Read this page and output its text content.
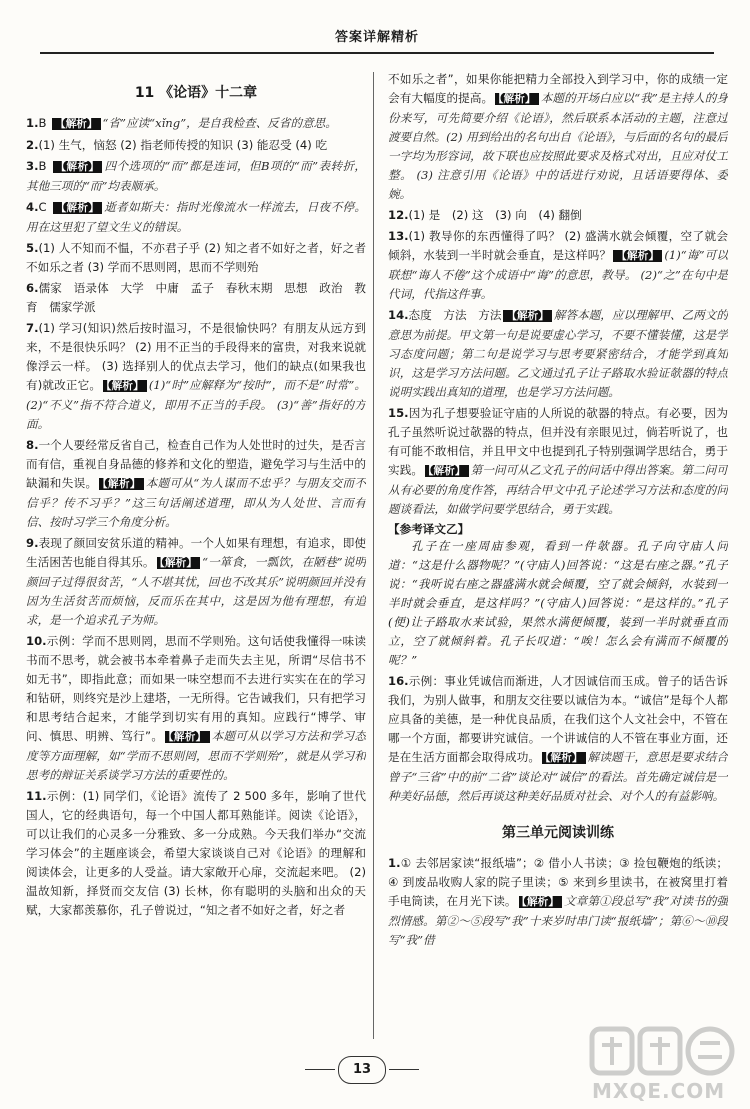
答案详解精析
11 《论语》十二章
1.B 【解析】 “省”应读“xǐng”，是自我检查、反省的意思。
2.(1) 生气，恼怒 (2) 指老师传授的知识 (3) 能忍受 (4) 吃
3.B 【解析】 四个选项的“而”都是连词，但B项的“而”表转折，其他三项的“而”均表顺承。
4.C 【解析】 逝者如斯夫：指时光像流水一样流去，日夜不停。用在这里犯了望文生义的错误。
5.(1) 人不知而不愠，不亦君子乎 (2) 知之者不如好之者，好之者不如乐之者 (3) 学而不思则罔，思而不学则殆
6.儒家　语录体　大学　中庸　孟子　春秋末期　思想　政治　教育　儒家学派
7.(1) 学习(知识)然后按时温习，不是很愉快吗？有朋友从远方到来，不是很快乐吗？ (2) 用不正当的手段得来的富贵，对我来说就像浮云一样。 (3) 选择别人的优点去学习，他们的缺点(如果我也有)就改正它。 【解析】 (1)“时”应解释为“按时”，而不是“时常”。 (2)“不义”指不符合道义，即用不正当的手段。 (3)“善”指好的方面。
8.一个人要经常反省自己，检查自己作为人处世时的过失，是否言而有信，重视自身品德的修养和文化的塑造，避免学习与生活中的缺漏和失误。 【解析】 本题可从“为人谋而不忠乎？与朋友交而不信乎？传不习乎？”这三句话阐述道理，即从为人处世、言而有信、按时习学三个角度分析。
9.表现了颜回安贫乐道的精神。一个人如果有理想，有追求，即使生活困苦也能自得其乐。 【解析】 “一箪食，一瓢饮，在陋巷”说明颜回子过得很贫苦，“人不堪其忧，回也不改其乐”说明颜回并没有因为生活贫苦而烦恼，反而乐在其中，这是因为他有理想，有追求，是一个追求孔子为师。
10.示例：学而不思则罔，思而不学则殆。这句话使我懂得一味读书而不思考，就会被书本牵着鼻子走而失去主见，所谓“尽信书不如无书”，即指此意；而如果一味空想而不去进行实实在在的学习和钻研，则终究是沙上建塔，一无所得。它告诫我们，只有把学习和思考结合起来，才能学到切实有用的真知。应践行“博学、审问、慎思、明辨、笃行”。 【解析】 本题可从以学习方法和学习态度等方面理解，如“学而不思则罔，思而不学则殆”，就是从学习和思考的辩证关系谈学习方法的重要性的。
11.示例：(1) 同学们，《论语》流传了 2 500 多年，影响了世代国人，它的经典语句，每一个中国人都耳熟能详。阅读《论语》，可以让我们的心灵多一分雅致、多一分成熟。今天我们举办“交流学习体会”的主题座谈会，希望大家谈谈自己对《论语》的理解和阅读体会，让更多的人受益。请大家敞开心扉，交流起来吧。 (2) 温故知新，择贤而交友信 (3) 长林，你有聪明的头脑和出众的天赋，大家都羡慕你，孔子曾说过，“知之者不如好之者，好之者
不如乐之者”，如果你能把精力全部投入到学习中，你的成绩一定会有大幅度的提高。 【解析】 本题的开场白应以“我”是主持人的身份来写，可先简要介绍《论语》，然后联系本活动的主题，注意过渡要自然。(2) 用到给出的名句出自《论语》，与后面的名句的最后一字均为形容词，故下联也应按照此要求及格式对出，且应对仗工整。 (3) 注意引用《论语》中的话进行劝说，且话语要得体、委婉。
12.(1) 是　(2) 这　(3) 向　(4) 翻倒
13.(1) 教导你的东西懂得了吗？ (2) 盛满水就会倾覆，空了就会倾斜，水装到一半时就会垂直，是这样吗？ 【解析】 (1)“诲”可以联想“诲人不倦”这个成语中“诲”的意思，教导。 (2)“之”在句中是代词，代指这件事。
14.态度　方法　方法 【解析】 解答本题，应以理解甲、乙两文的意思为前提。甲文第一句是说要虚心学习，不要不懂装懂，这是学习态度问题；第二句是说学习与思考要紧密结合，才能学到真知识，这是学习方法问题。乙文通过孔子让子路取水验证欹器的特点说明实践出真知的道理，也是学习方法问题。
15.因为孔子想要验证守庙的人所说的欹器的特点。有必要，因为孔子虽然听说过欹器的特点，但并没有亲眼见过，倘若听说了，也有可能不敢相信，并且甲文中也提到孔子特别强调学思结合，勇于实践。 【解析】 第一问可从乙文孔子的问话中得出答案。第二问可从有必要的角度作答，再结合甲文中孔子论述学习方法和态度的问题谈看法，如做学问要学思结合，勇于实践。
【参考译文乙】
孔子在一座周庙参观，看到一件欹器。孔子向守庙人问道：“这是什么器物呢？”(守庙人)回答说：“这是右座之器。”孔子说：“我听说右座之器盛满水就会倾覆，空了就会倾斜，水装到一半时就会垂直，是这样吗？”(守庙人)回答说：“是这样的。”孔子(便)让子路取水来试验，果然水满便倾覆，装到一半时就垂直而立，空了就倾斜着。孔子长叹道：“唉！怎么会有满而不倾覆的呢？”
16.示例：事业凭诚信而渐进，人才因诚信而玉成。曾子的话告诉我们，为别人做事，和朋友交往要以诚信为本。“诚信”是每个人都应具备的美德，是一种优良品质，在我们这个人文社会中，不管在哪一个方面，都要讲究诚信。一个讲诚信的人不管在事业方面，还是在生活方面都会取得成功。 【解析】 解读题干，意思是要求结合曾子“三省”中的前“二省”谈论对“诚信”的看法。首先确定诚信是一种美好品德，然后再谈这种美好品质对社会、对个人的有益影响。
第三单元阅读训练
1.① 去邻居家读“报纸墙”；② 借小人书读；③ 捡包鞭炮的纸读；④ 到废品收购人家的院子里读；⑤ 来到乡里读书，在被窝里打着手电筒读，在月光下读。 【解析】 文章第①段总写“我”对读书的强烈情感。第②～⑤段写“我”十来岁时串门读“报纸墙”；第⑥～⑩段写“我”借
13
MXQE.COM
